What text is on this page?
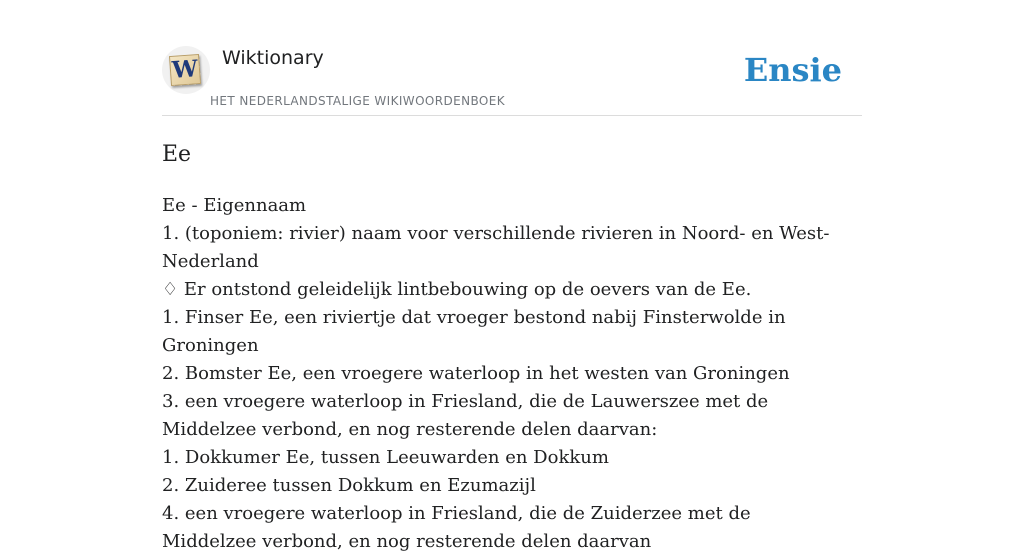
W Wiktionary
HET NEDERLANDSTALIGE WIKIWOORDENBOEK
Ensie
Ee

Ee - Eigennaam

1. (toponiem: rivier) naam voor verschillende rivieren in Noord- en West-Nederland

♢ Er ontstond geleidelijk lintbebouwing op de oevers van de Ee.

1. Finser Ee, een riviertje dat vroeger bestond nabij Finsterwolde in Groningen

2. Bomster Ee, een vroegere waterloop in het westen van Groningen

3. een vroegere waterloop in Friesland, die de Lauwerszee met de Middelzee verbond, en nog resterende delen daarvan:

1. Dokkumer Ee, tussen Leeuwarden en Dokkum

2. Zuideree tussen Dokkum en Ezumazijl

4. een vroegere waterloop in Friesland, die de Zuiderzee met de Middelzee verbond, en nog resterende delen daarvan
